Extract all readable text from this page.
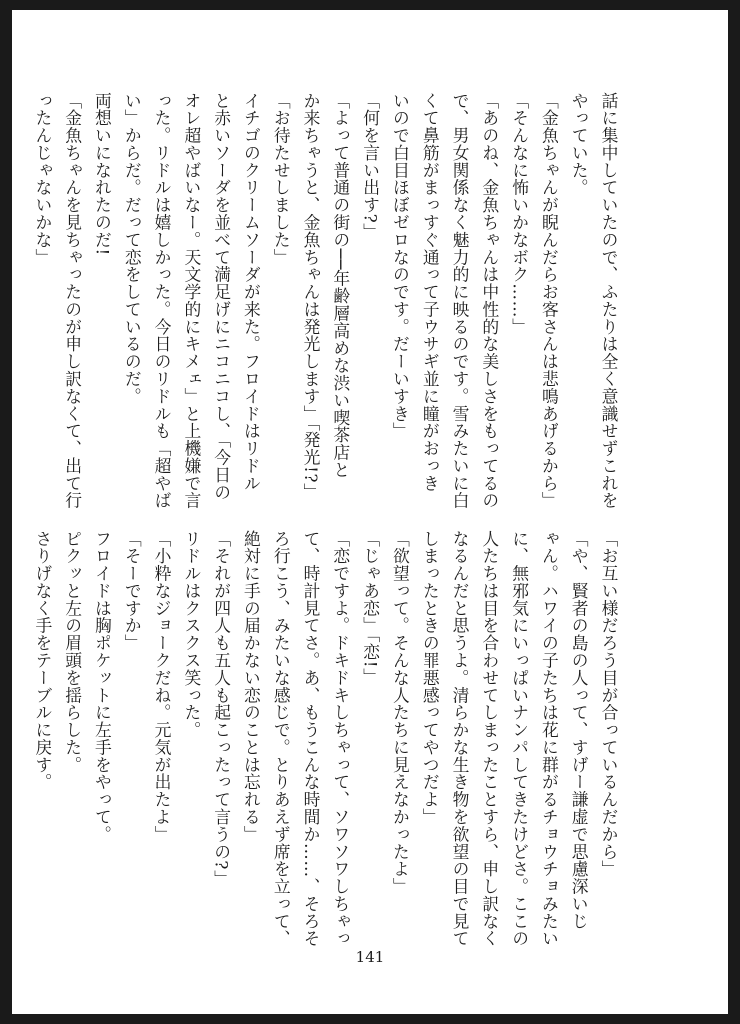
話に集中していたので、ふたりは全く意識せずこれを
やっていた。
「金魚ちゃんが睨んだらお客さんは悲鳴あげるから」
「そんなに怖いかなボク……」
「あのね、金魚ちゃんは中性的な美しさをもってるの
で、男女関係なく魅力的に映るのです。雪みたいに白
くて鼻筋がまっすぐ通って子ウサギ並に瞳がおっき
いので白目ほぼゼロなのです。だーいすき」
「何を言い出す?」
「よって普通の街の──年齢層高めな渋い喫茶店と
か来ちゃうと、金魚ちゃんは発光します」「発光!?」
「お待たせしました」
イチゴのクリームソーダが来た。フロイドはリドル
と赤いソーダを並べて満足げにニコニコし、「今日の
オレ超やばいなー。天文学的にキメェ」と上機嫌で言
った。リドルは嬉しかった。今日のリドルも「超やば
い」からだ。だって恋をしているのだ。
両想いになれたのだ!
「金魚ちゃんを見ちゃったのが申し訳なくて、出て行
ったんじゃないかな」
「お互い様だろう目が合っているんだから」
「や、賢者の島の人って、すげー謙虚で思慮深いじ
ゃん。ハワイの子たちは花に群がるチョウチョみたい
に、無邪気にいっぱいナンパしてきたけどさ。ここの
人たちは目を合わせてしまったことすら、申し訳なく
なるんだと思うよ。清らかな生き物を欲望の目で見て
しまったときの罪悪感ってやつだよ」
「欲望って。そんな人たちに見えなかったよ」
「じゃあ恋」「恋!」
「恋ですよ。ドキドキしちゃって、ソワソワしちゃっ
て、時計見てさ。あ、もうこんな時間か……、そろそ
ろ行こう、みたいな感じで。とりあえず席を立って、
絶対に手の届かない恋のことは忘れる」
「それが四人も五人も起こったって言うの?」
リドルはクスクス笑った。
「小粋なジョークだね。元気が出たよ」
「そーですか」
フロイドは胸ポケットに左手をやって。
ピクッと左の眉頭を揺らした。
さりげなく手をテーブルに戻す。
141
